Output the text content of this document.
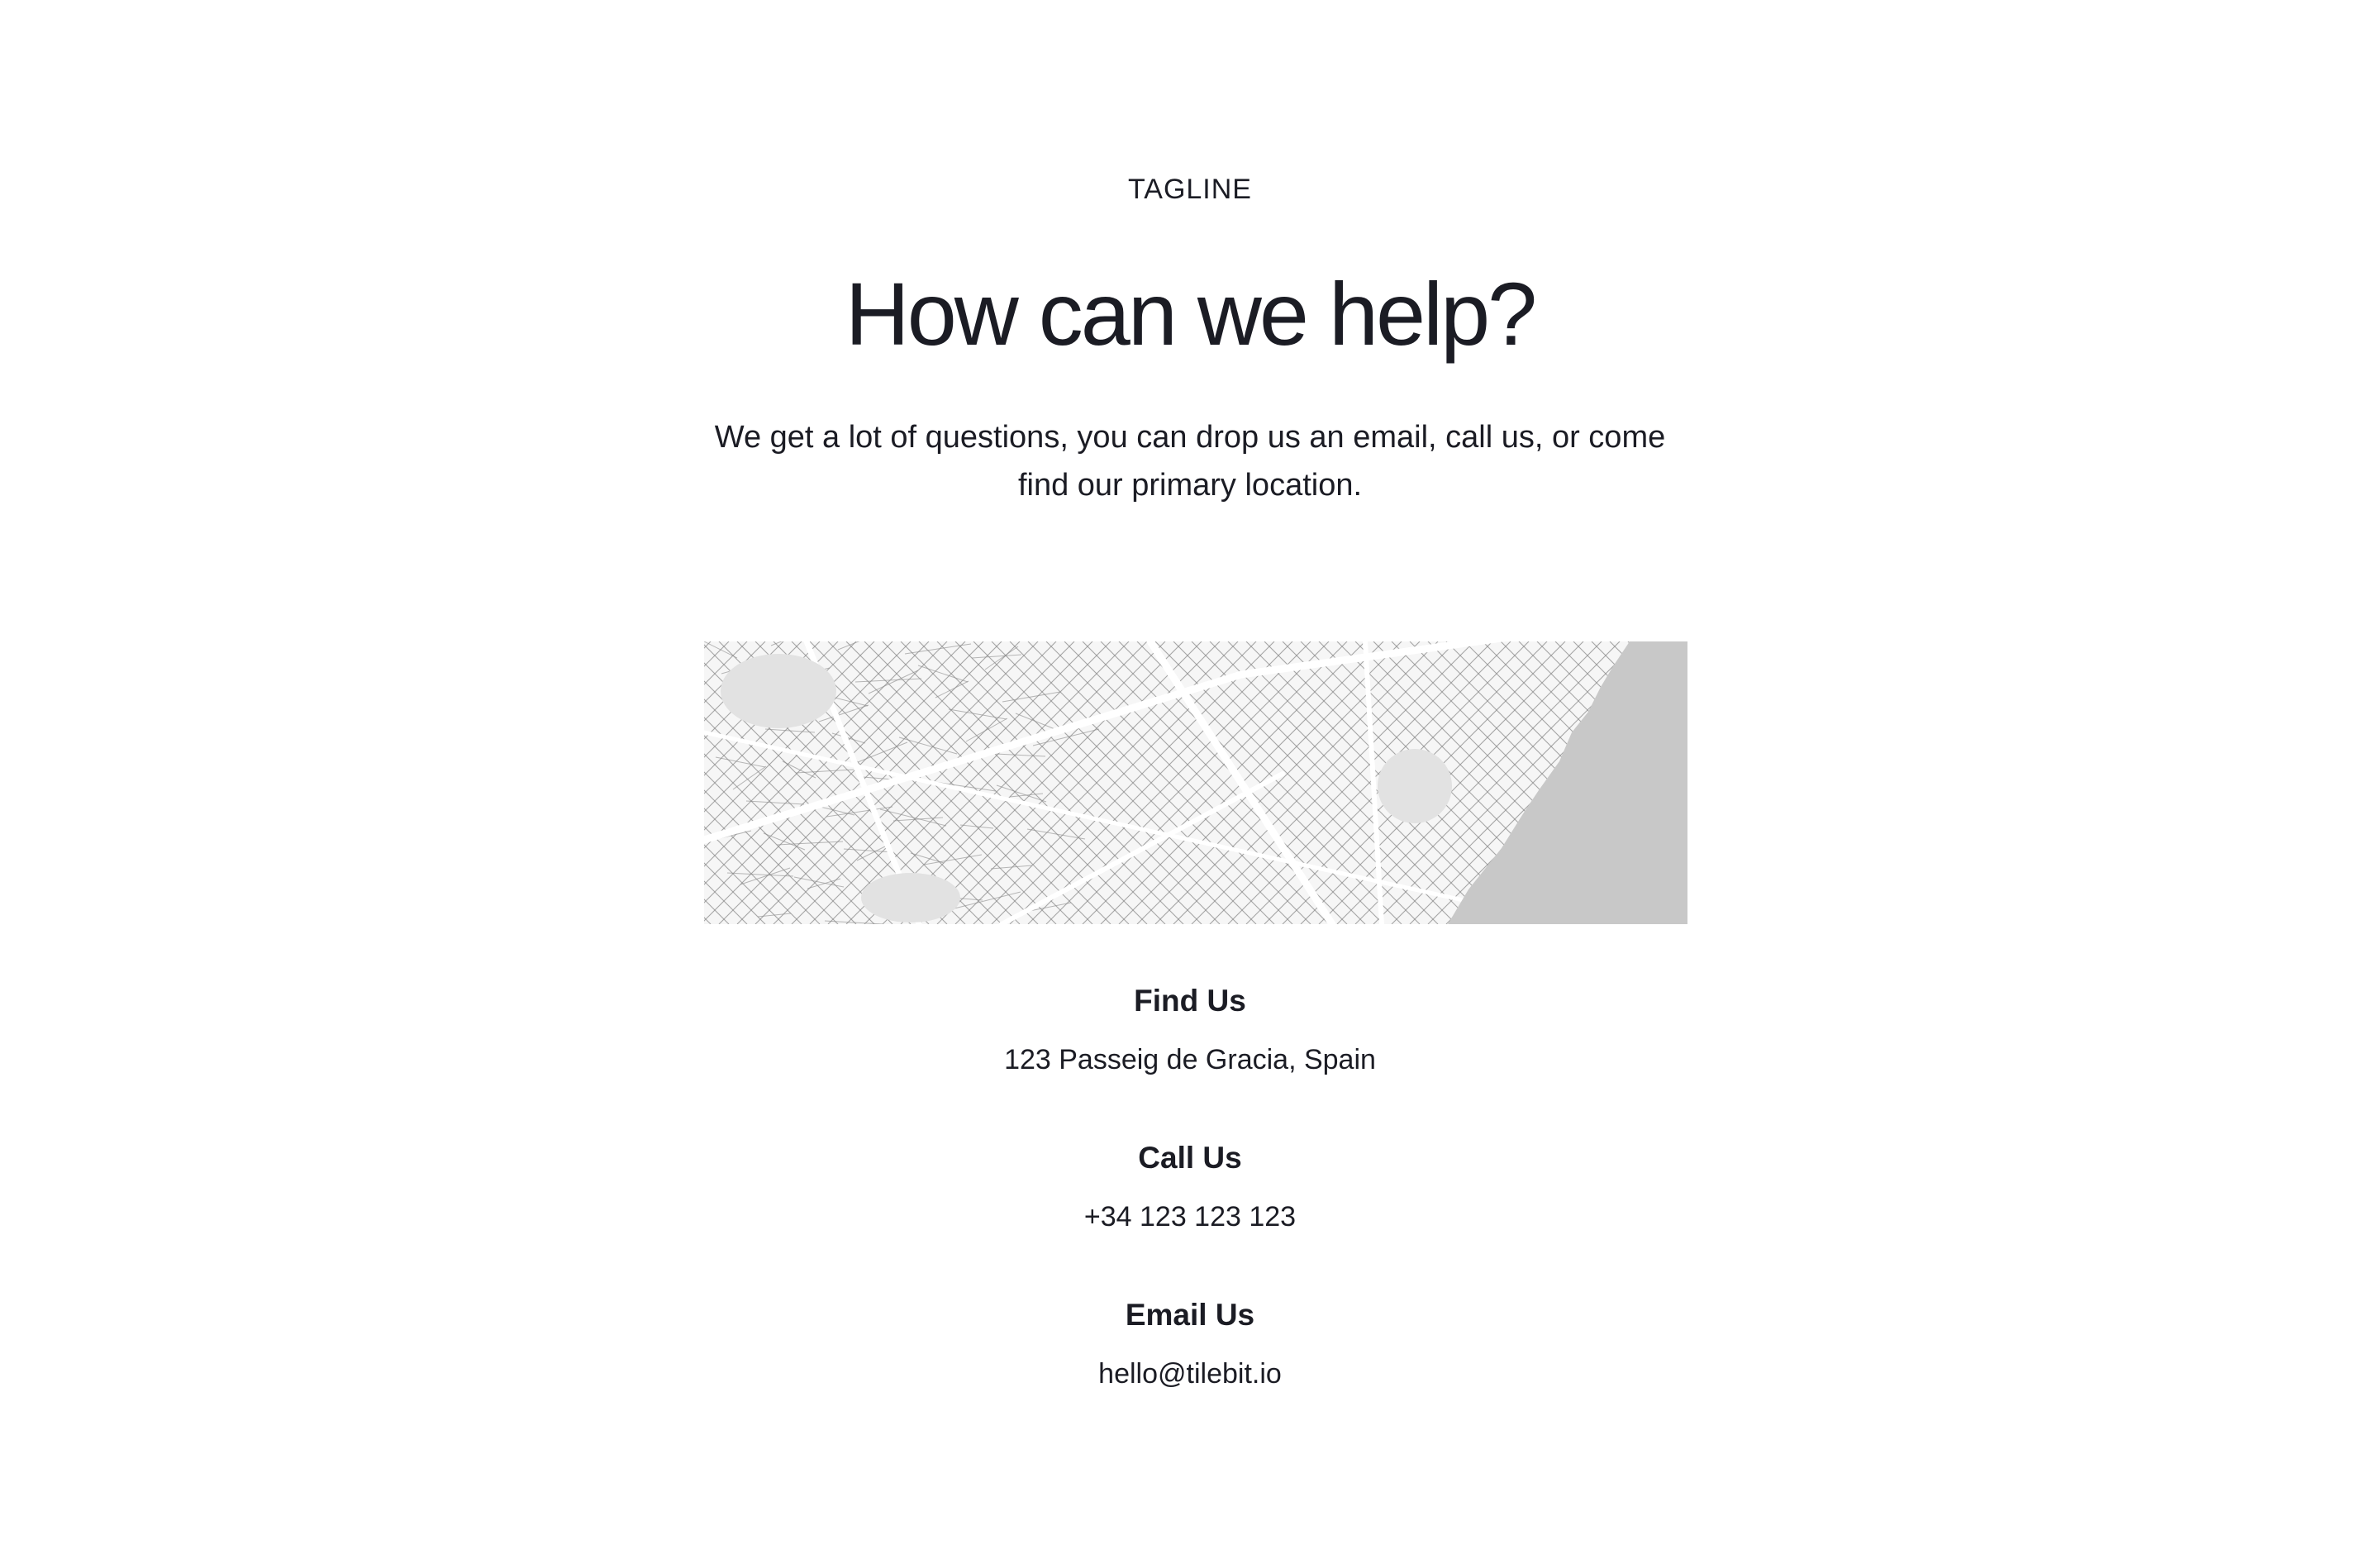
TAGLINE
How can we help?

We get a lot of questions, you can drop us an email, call us, or come find our primary location.

Find Us
123 Passeig de Gracia, Spain
Call Us
+34 123 123 123
Email Us
hello@tilebit.io
